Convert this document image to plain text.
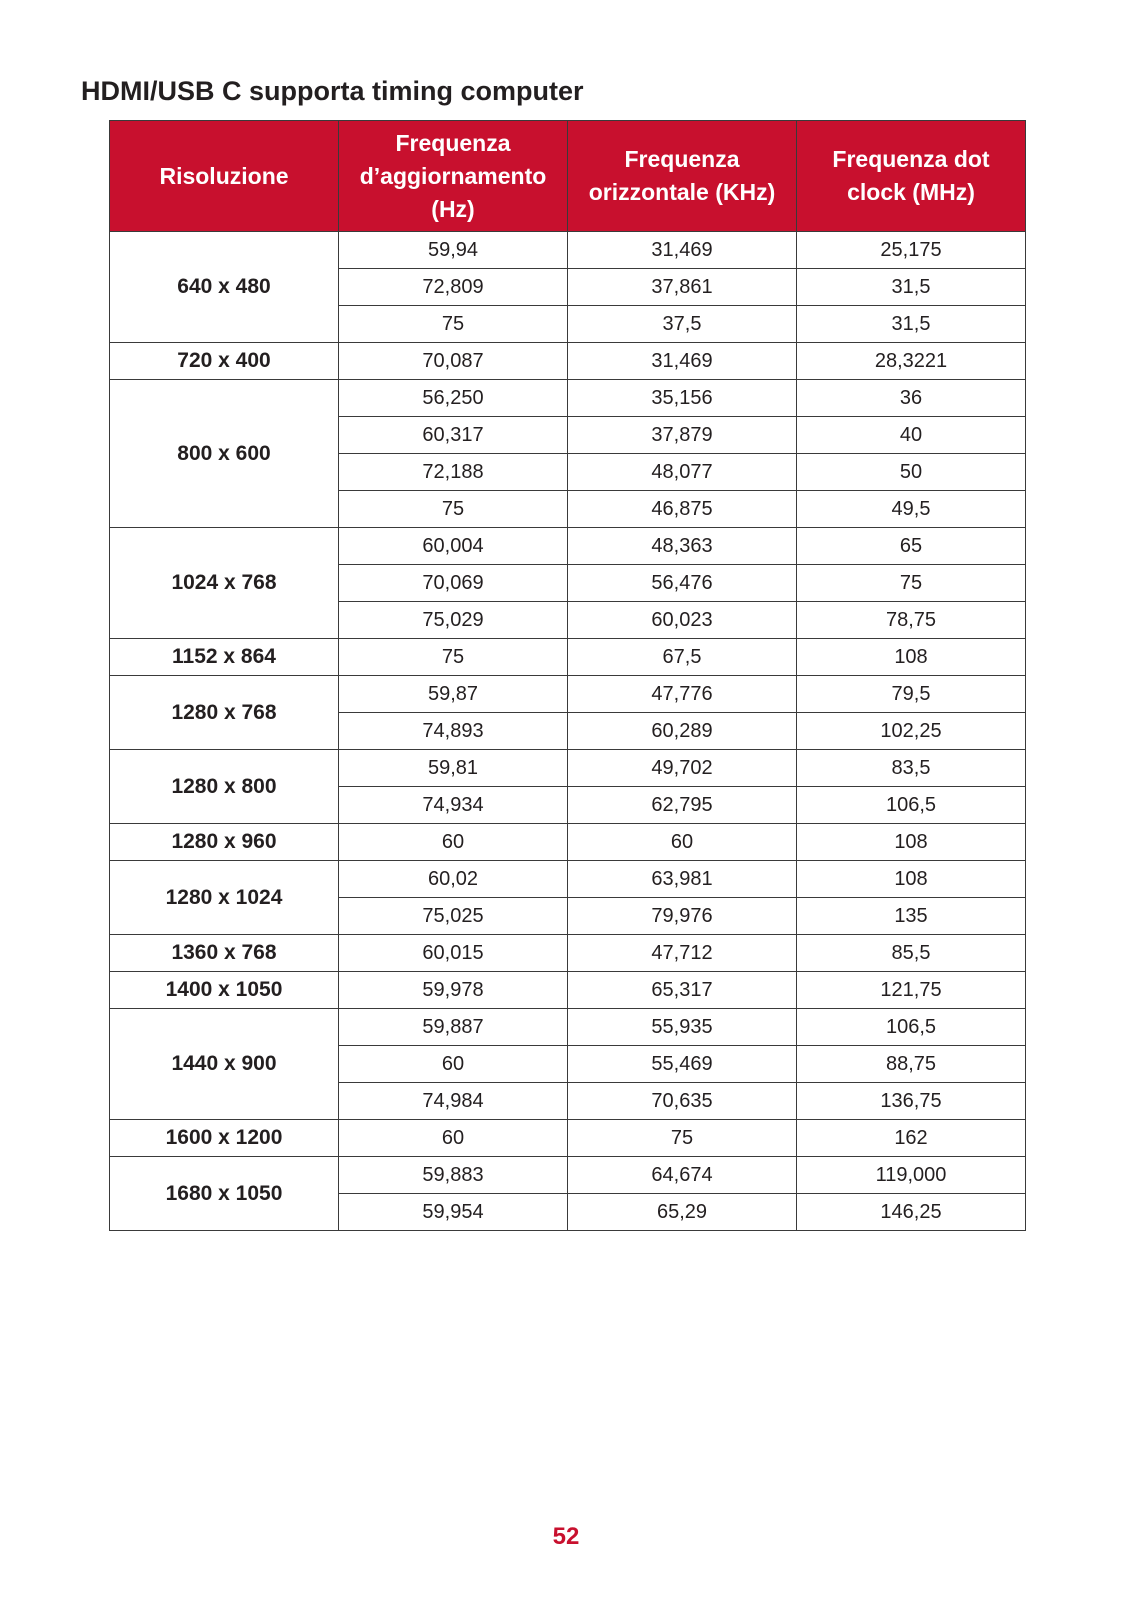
HDMI/USB C supporta timing computer
Risoluzione	Frequenza d’aggiornamento (Hz)	Frequenza orizzontale (KHz)	Frequenza dot clock (MHz)
640 x 480	59,94	31,469	25,175
	72,809	37,861	31,5
	75	37,5	31,5
720 x 400	70,087	31,469	28,3221
800 x 600	56,250	35,156	36
	60,317	37,879	40
	72,188	48,077	50
	75	46,875	49,5
1024 x 768	60,004	48,363	65
	70,069	56,476	75
	75,029	60,023	78,75
1152 x 864	75	67,5	108
1280 x 768	59,87	47,776	79,5
	74,893	60,289	102,25
1280 x 800	59,81	49,702	83,5
	74,934	62,795	106,5
1280 x 960	60	60	108
1280 x 1024	60,02	63,981	108
	75,025	79,976	135
1360 x 768	60,015	47,712	85,5
1400 x 1050	59,978	65,317	121,75
1440 x 900	59,887	55,935	106,5
	60	55,469	88,75
	74,984	70,635	136,75
1600 x 1200	60	75	162
1680 x 1050	59,883	64,674	119,000
	59,954	65,29	146,25
52
